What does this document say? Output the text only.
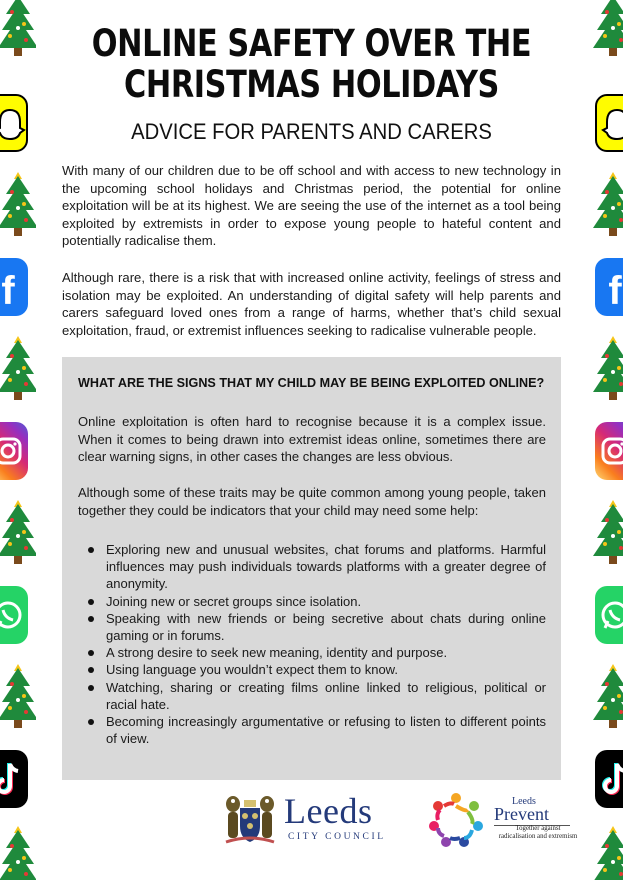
f	f
ONLINE SAFETY OVER THE
CHRISTMAS HOLIDAYS
ADVICE FOR PARENTS AND CARERS

With many of our children due to be off school and with access to new technology in the upcoming school holidays and Christmas period, the potential for online exploitation will be at its highest. We are seeing the use of the internet as a tool being exploited by extremists in order to expose young people to hateful content and potentially radicalise them.

Although rare, there is a risk that with increased online activity, feelings of stress and isolation may be exploited. An understanding of digital safety will help parents and carers safeguard loved ones from a range of harms, whether that’s child sexual exploitation, fraud, or extremist influences seeking to radicalise vulnerable people.

WHAT ARE THE SIGNS THAT MY CHILD MAY BE BEING EXPLOITED ONLINE?

Online exploitation is often hard to recognise because it is a complex issue. When it comes to being drawn into extremist ideas online, sometimes there are clear warning signs, in other cases the changes are less obvious.

Although some of these traits may be quite common among young people, taken together they could be indicators that your child may need some help:

Exploring new and unusual websites, chat forums and platforms. Harmful influences may push individuals towards platforms with a greater degree of anonymity.
Joining new or secret groups since isolation.
Speaking with new friends or being secretive about chats during online gaming or in forums.
A strong desire to seek new meaning, identity and purpose.
Using language you wouldn’t expect them to know.
Watching, sharing or creating films online linked to religious, political or racial hate.
Becoming increasingly argumentative or refusing to listen to different points of view.
Leeds
CITY COUNCIL
Leeds
Prevent
Together against radicalisation and extremism
